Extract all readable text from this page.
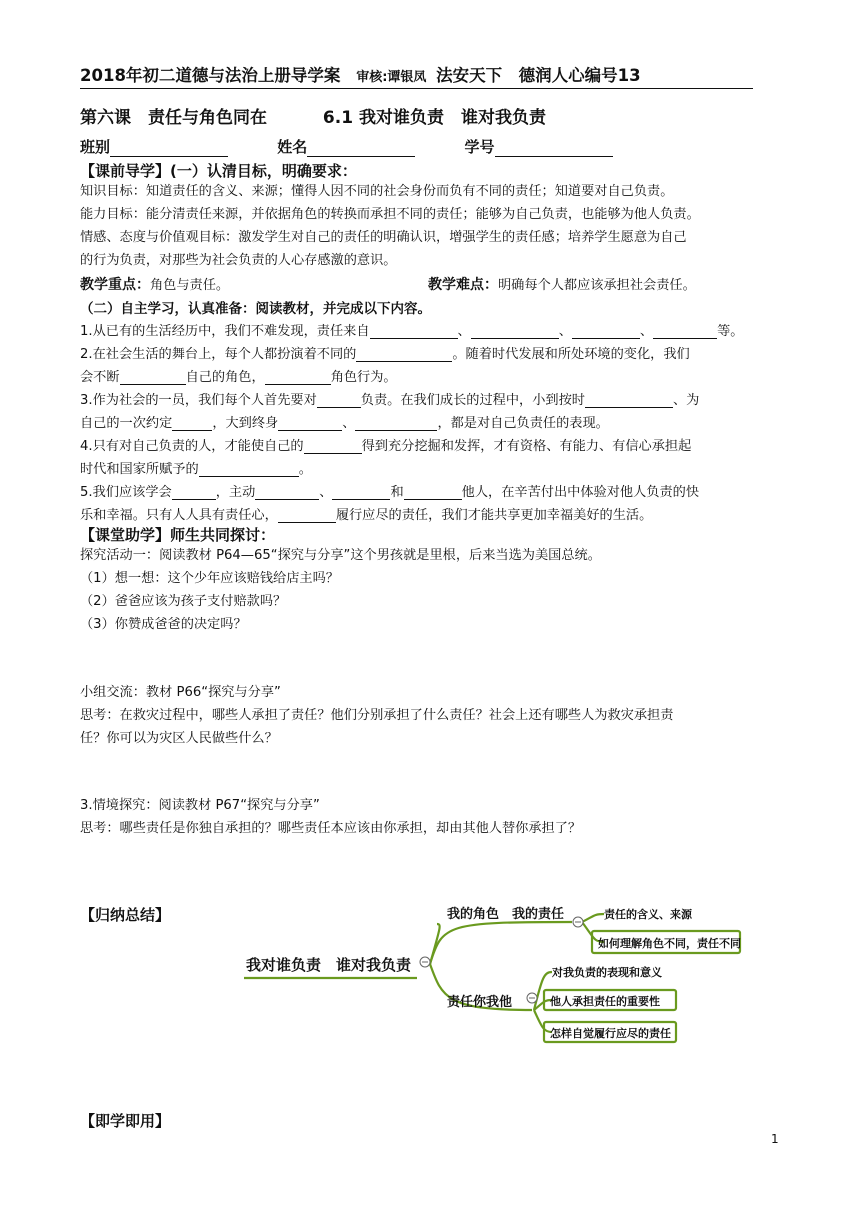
2018年初二道德与法治上册导学案 审核:谭银凤 法安天下　德润人心编号13
第六课　责任与角色同在	6.1 我对谁负责　谁对我负责
班别	姓名	学号
【课前导学】(一）认清目标，明确要求：
知识目标：知道责任的含义、来源；懂得人因不同的社会身份而负有不同的责任；知道要对自己负责。
能力目标：能分清责任来源，并依据角色的转换而承担不同的责任；能够为自己负责，也能够为他人负责。
情感、态度与价值观目标：激发学生对自己的责任的明确认识，增强学生的责任感；培养学生愿意为自己
的行为负责，对那些为社会负责的人心存感激的意识。
教学重点：角色与责任。	教学难点：明确每个人都应该承担社会责任。
（二）自主学习，认真准备：阅读教材，并完成以下内容。
1.从已有的生活经历中，我们不难发现，责任来自	、	、	、	等。
2.在社会生活的舞台上，每个人都扮演着不同的	。随着时代发展和所处环境的变化，我们
会不断	自己的角色，	角色行为。
3.作为社会的一员，我们每个人首先要对	负责。在我们成长的过程中，小到按时	、为
自己的一次约定	，大到终身	、	，都是对自己负责任的表现。
4.只有对自己负责的人，才能使自己的	得到充分挖掘和发挥，才有资格、有能力、有信心承担起
时代和国家所赋予的	。
5.我们应该学会	，主动	、	和	他人，在辛苦付出中体验对他人负责的快
乐和幸福。只有人人具有责任心，	履行应尽的责任，我们才能共享更加幸福美好的生活。
【课堂助学】师生共同探讨：
探究活动一：阅读教材 P64—65“探究与分享”这个男孩就是里根，后来当选为美国总统。
（1）想一想：这个少年应该赔钱给店主吗？
（2）爸爸应该为孩子支付赔款吗？
（3）你赞成爸爸的决定吗？
小组交流：教材 P66“探究与分享”
思考：在救灾过程中，哪些人承担了责任？他们分别承担了什么责任？社会上还有哪些人为救灾承担责
任？你可以为灾区人民做些什么？
3.情境探究：阅读教材 P67“探究与分享”
思考：哪些责任是你独自承担的？哪些责任本应该由你承担，却由其他人替你承担了？
【归纳总结】
我对谁负责　谁对我负责
我的角色　我的责任	责任的含义、来源
如何理解角色不同，责任不同
责任你我他
对我负责的表现和意义
他人承担责任的重要性
怎样自觉履行应尽的责任
【即学即用】
1
